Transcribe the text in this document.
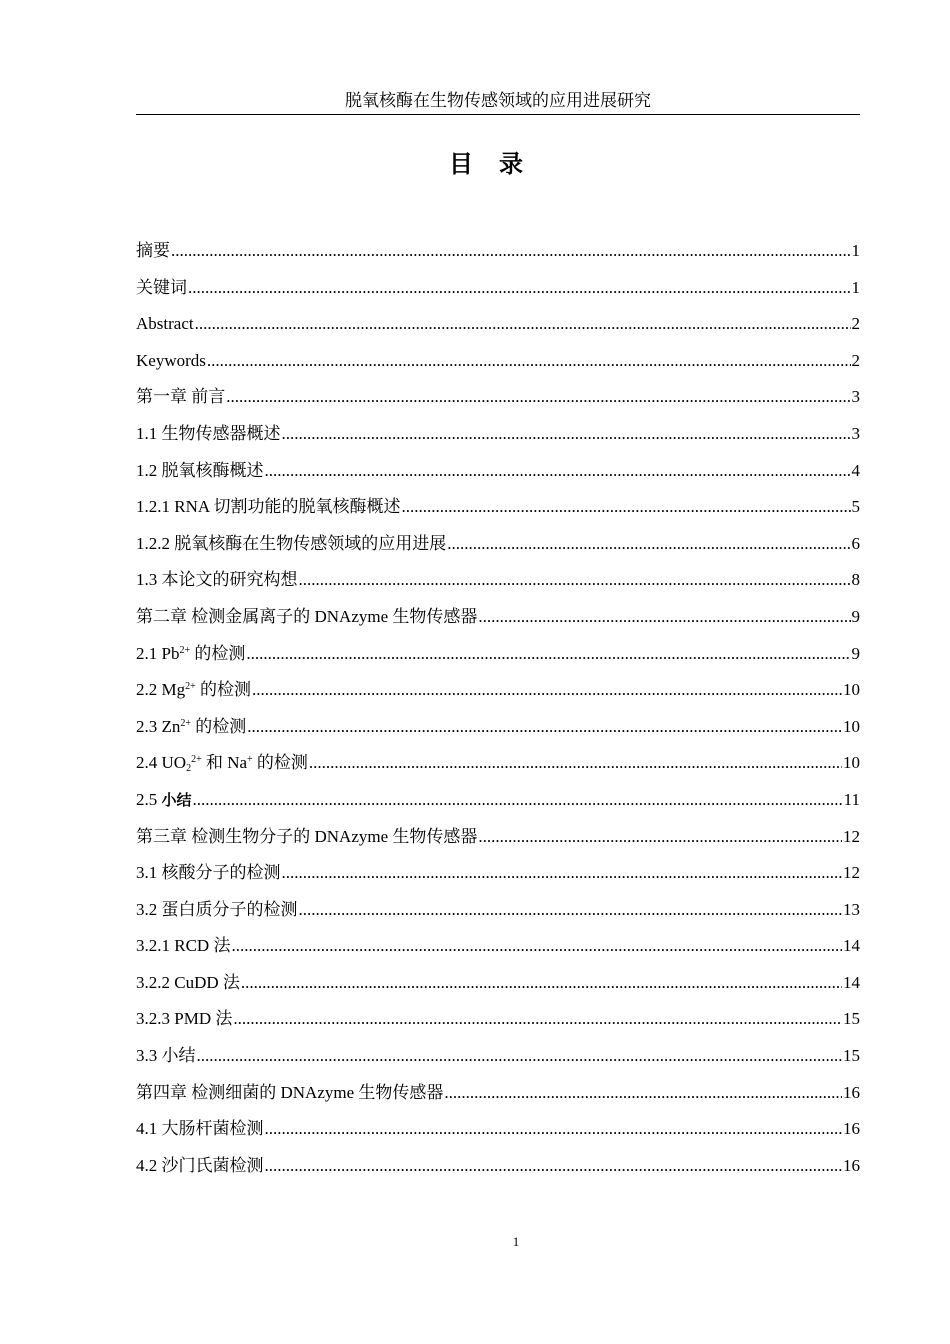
脱氧核酶在生物传感领域的应用进展研究
目录
摘要 .....	1
关键词 .....	1
Abstract .....	2
Keywords .....	2
第一章 前言 .....	3
1.1 生物传感器概述 .....	3
1.2 脱氧核酶概述 .....	4
1.2.1 RNA 切割功能的脱氧核酶概述 .....	5
1.2.2 脱氧核酶在生物传感领域的应用进展 .....	6
1.3 本论文的研究构想 .....	8
第二章 检测金属离子的 DNAzyme 生物传感器 .....	9
2.1 $Pb^{2+}$ 的检测 .....	9
2.2 $Mg^{2+}$ 的检测 .....	10
2.3 $Zn^{2+}$ 的检测 .....	10
2.4 $UO_2^{2+}$ 和 Na+ 的检测 .....	10
2.5 小结 .....	11
第三章 检测生物分子的 DNAzyme 生物传感器 .....	12
3.1 核酸分子的检测 .....	12
3.2 蛋白质分子的检测 .....	13
3.2.1 RCD 法 .....	14
3.2.2 CuDD 法 .....	14
3.2.3 PMD 法 .....	15
3.3 小结 .....	15
第四章 检测细菌的 DNAzyme 生物传感器 .....	16
4.1 大肠杆菌检测 .....	16
4.2 沙门氏菌检测 .....	16
1
